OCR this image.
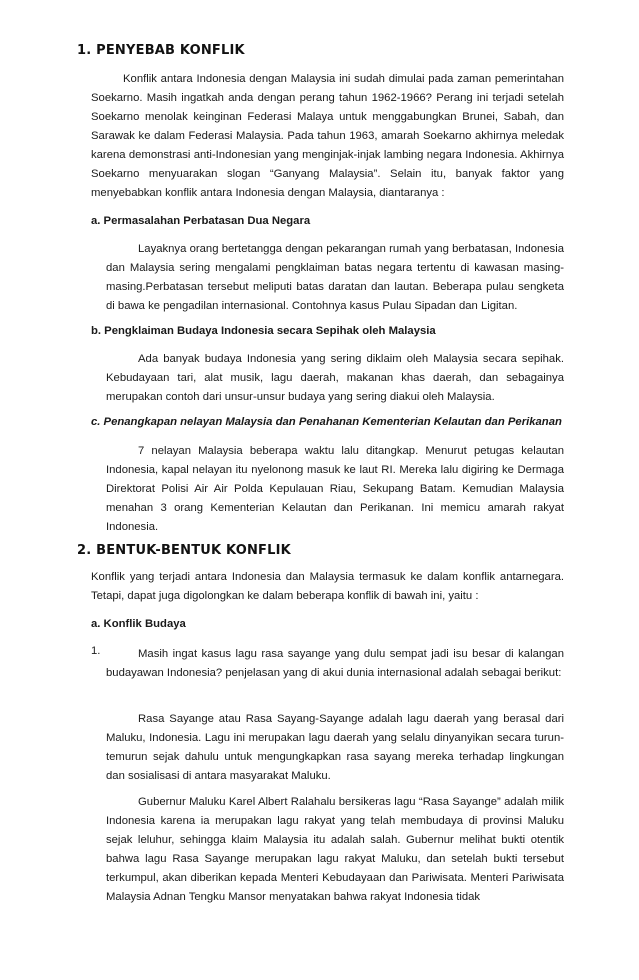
1. PENYEBAB KONFLIK

Konflik antara Indonesia dengan Malaysia ini sudah dimulai pada zaman pemerintahan Soekarno. Masih ingatkah anda dengan perang tahun 1962-1966? Perang ini terjadi setelah Soekarno menolak keinginan Federasi Malaya untuk menggabungkan Brunei, Sabah, dan Sarawak ke dalam Federasi Malaysia. Pada tahun 1963, amarah Soekarno akhirnya meledak karena demonstrasi anti-Indonesian yang menginjak-injak lambing negara Indonesia. Akhirnya Soekarno menyuarakan slogan “Ganyang Malaysia”. Selain itu, banyak faktor yang menyebabkan konflik antara Indonesia dengan Malaysia, diantaranya :

a. Permasalahan Perbatasan Dua Negara

Layaknya orang bertetangga dengan pekarangan rumah yang berbatasan, Indonesia dan Malaysia sering mengalami pengklaiman batas negara tertentu di kawasan masing-masing.Perbatasan tersebut meliputi batas daratan dan lautan. Beberapa pulau sengketa di bawa ke pengadilan internasional. Contohnya kasus Pulau Sipadan dan Ligitan.

b. Pengklaiman Budaya Indonesia secara Sepihak oleh Malaysia

Ada banyak budaya Indonesia yang sering diklaim oleh Malaysia secara sepihak. Kebudayaan tari, alat musik, lagu daerah, makanan khas daerah, dan sebagainya merupakan contoh dari unsur-unsur budaya yang sering diakui oleh Malaysia.

c. Penangkapan nelayan Malaysia dan Penahanan Kementerian Kelautan dan Perikanan

7 nelayan Malaysia beberapa waktu lalu ditangkap. Menurut petugas kelautan Indonesia, kapal nelayan itu nyelonong masuk ke laut RI. Mereka lalu digiring ke Dermaga Direktorat Polisi Air Air Polda Kepulauan Riau, Sekupang Batam. Kemudian Malaysia menahan 3 orang Kementerian Kelautan dan Perikanan. Ini memicu amarah rakyat Indonesia.

2. BENTUK-BENTUK KONFLIK

Konflik yang terjadi antara Indonesia dan Malaysia termasuk ke dalam konflik antarnegara. Tetapi, dapat juga digolongkan ke dalam beberapa konflik di bawah ini, yaitu :

a. Konflik Budaya

1.	Masih ingat kasus lagu rasa sayange yang dulu sempat jadi isu besar di kalangan budayawan Indonesia? penjelasan yang di akui dunia internasional adalah sebagai berikut:

Rasa Sayange atau Rasa Sayang-Sayange adalah lagu daerah yang berasal dari Maluku, Indonesia. Lagu ini merupakan lagu daerah yang selalu dinyanyikan secara turun-temurun sejak dahulu untuk mengungkapkan rasa sayang mereka terhadap lingkungan dan sosialisasi di antara masyarakat Maluku.

Gubernur Maluku Karel Albert Ralahalu bersikeras lagu “Rasa Sayange” adalah milik Indonesia karena ia merupakan lagu rakyat yang telah membudaya di provinsi Maluku sejak leluhur, sehingga klaim Malaysia itu adalah salah. Gubernur melihat bukti otentik bahwa lagu Rasa Sayange merupakan lagu rakyat Maluku, dan setelah bukti tersebut terkumpul, akan diberikan kepada Menteri Kebudayaan dan Pariwisata. Menteri Pariwisata Malaysia Adnan Tengku Mansor menyatakan bahwa rakyat Indonesia tidak
